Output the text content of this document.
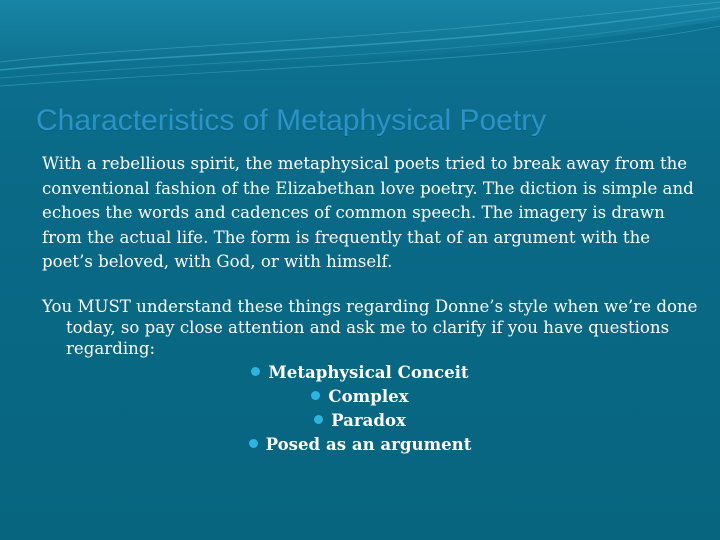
Characteristics of Metaphysical Poetry

With a rebellious spirit, the metaphysical poets tried to break away from the conventional fashion of the Elizabethan love poetry. The diction is simple and echoes the words and cadences of common speech. The imagery is drawn from the actual life. The form is frequently that of an argument with the poet’s beloved, with God, or with himself.

You MUST understand these things regarding Donne’s style when we’re done today, so pay close attention and ask me to clarify if you have questions regarding:

Metaphysical Conceit
Complex
Paradox
Posed as an argument
